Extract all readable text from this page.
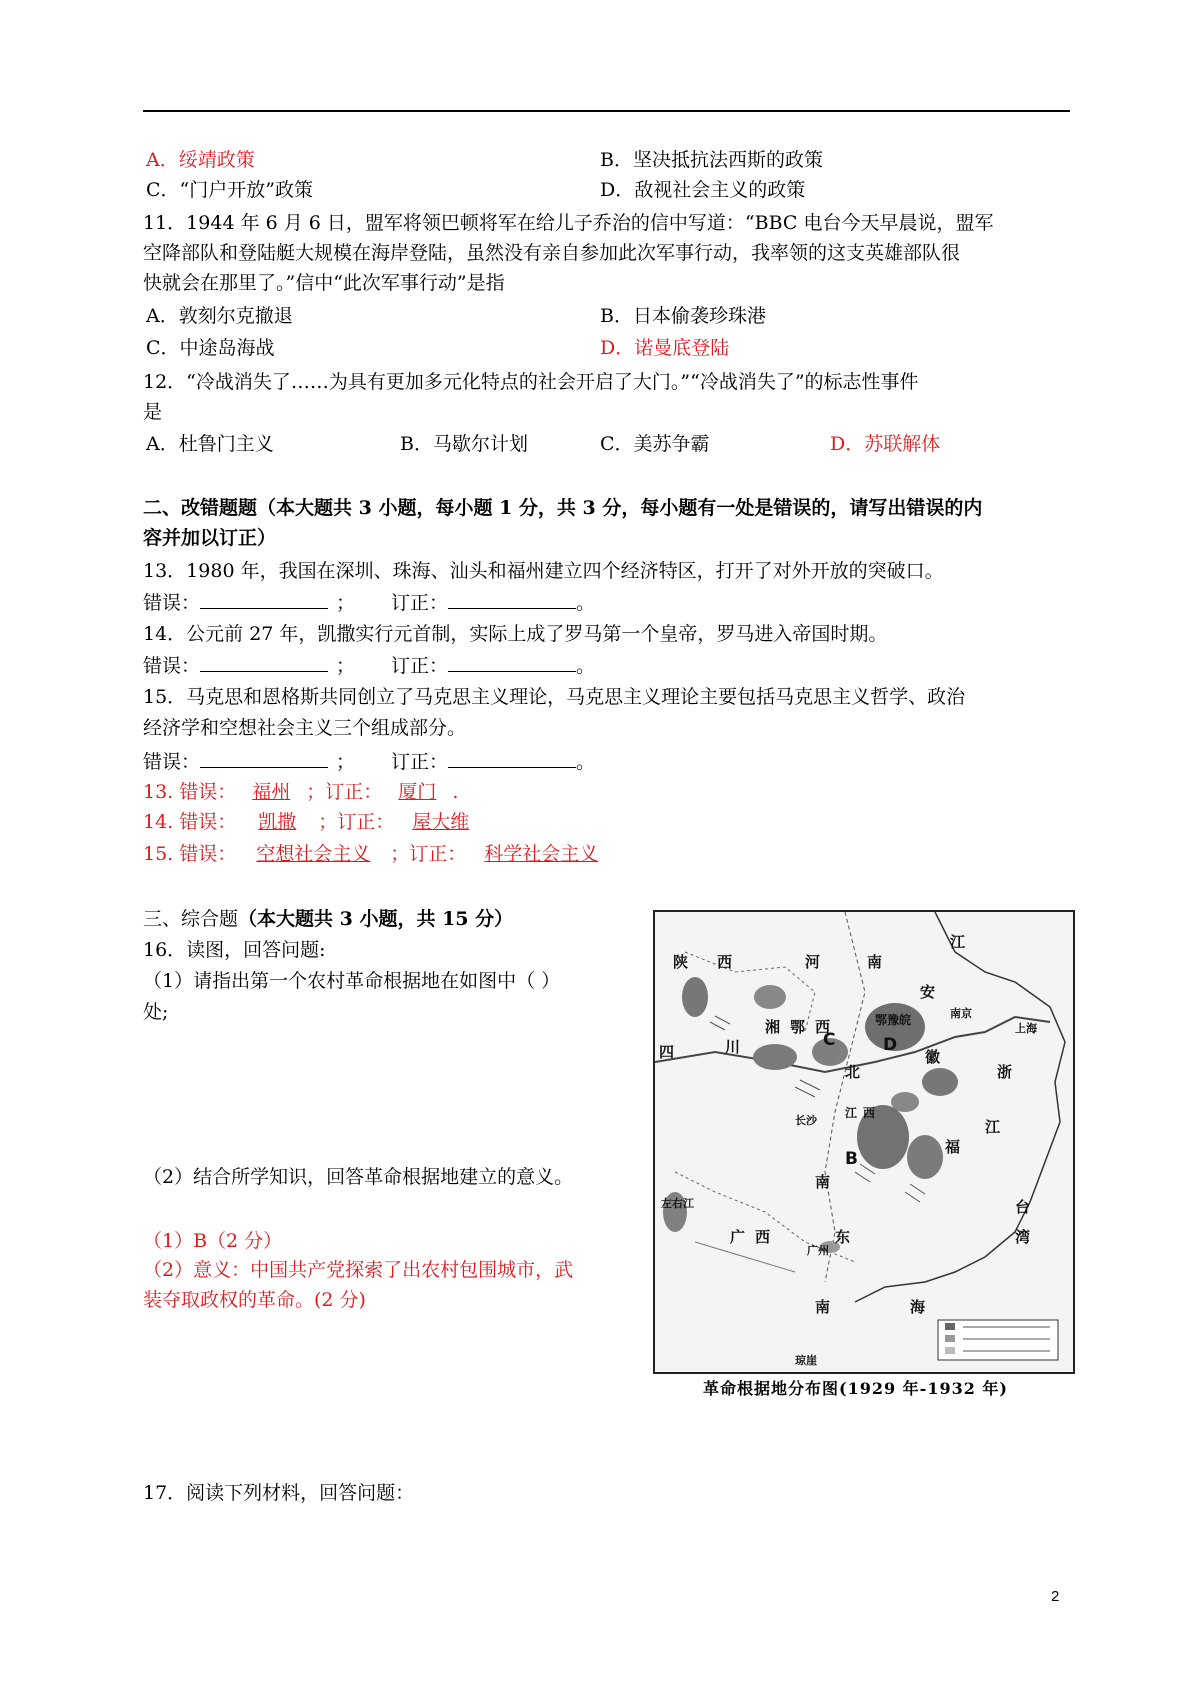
A．绥靖政策	B．坚决抵抗法西斯的政策
C．“门户开放”政策	D．敌视社会主义的政策
11．1944 年 6 月 6 日，盟军将领巴顿将军在给儿子乔治的信中写道：“BBC 电台今天早晨说，盟军
空降部队和登陆艇大规模在海岸登陆，虽然没有亲自参加此次军事行动，我率领的这支英雄部队很
快就会在那里了。”信中“此次军事行动”是指
A．敦刻尔克撤退	B．日本偷袭珍珠港
C．中途岛海战	D．诺曼底登陆
12．“冷战消失了……为具有更加多元化特点的社会开启了大门。”“冷战消失了”的标志性事件
是
A．杜鲁门主义	B．马歇尔计划	C．美苏争霸	D．苏联解体
二、改错题题（本大题共 3 小题，每小题 1 分，共 3 分，每小题有一处是错误的，请写出错误的内
容并加以订正）
13．1980 年，我国在深圳、珠海、汕头和福州建立四个经济特区，打开了对外开放的突破口。
错误：	； 订正：	。
14．公元前 27 年，凯撒实行元首制，实际上成了罗马第一个皇帝，罗马进入帝国时期。
错误：	； 订正：	。
15．马克思和恩格斯共同创立了马克思主义理论，马克思主义理论主要包括马克思主义哲学、政治
经济学和空想社会主义三个组成部分。
错误：	； 订正：	。
13. 错误： 福州 ；订正： 厦门 .
14. 错误： 凯撒 ；订正： 屋大维
15. 错误： 空想社会主义 ；订正： 科学社会主义
三、综合题（本大题共 3 小题，共 15 分）
16．读图，回答问题:
（1）请指出第一个农村革命根据地在如图中（ ）
处;
（2）结合所学知识，回答革命根据地建立的意义。
（1）B（2 分）
（2）意义：中国共产党探索了出农村包围城市，武
装夺取政权的革命。(2 分)
陕 西	河	南
江
四	川
湘 鄂 西
安
南京
上海
鄂豫皖
徽
C	D
北
长沙
江 西
B
浙
江
福
南
广 西
广州
东
台
湾
左右江
南	海
琼崖
革命根据地分布图(1929 年-1932 年)
17．阅读下列材料，回答问题：
2
